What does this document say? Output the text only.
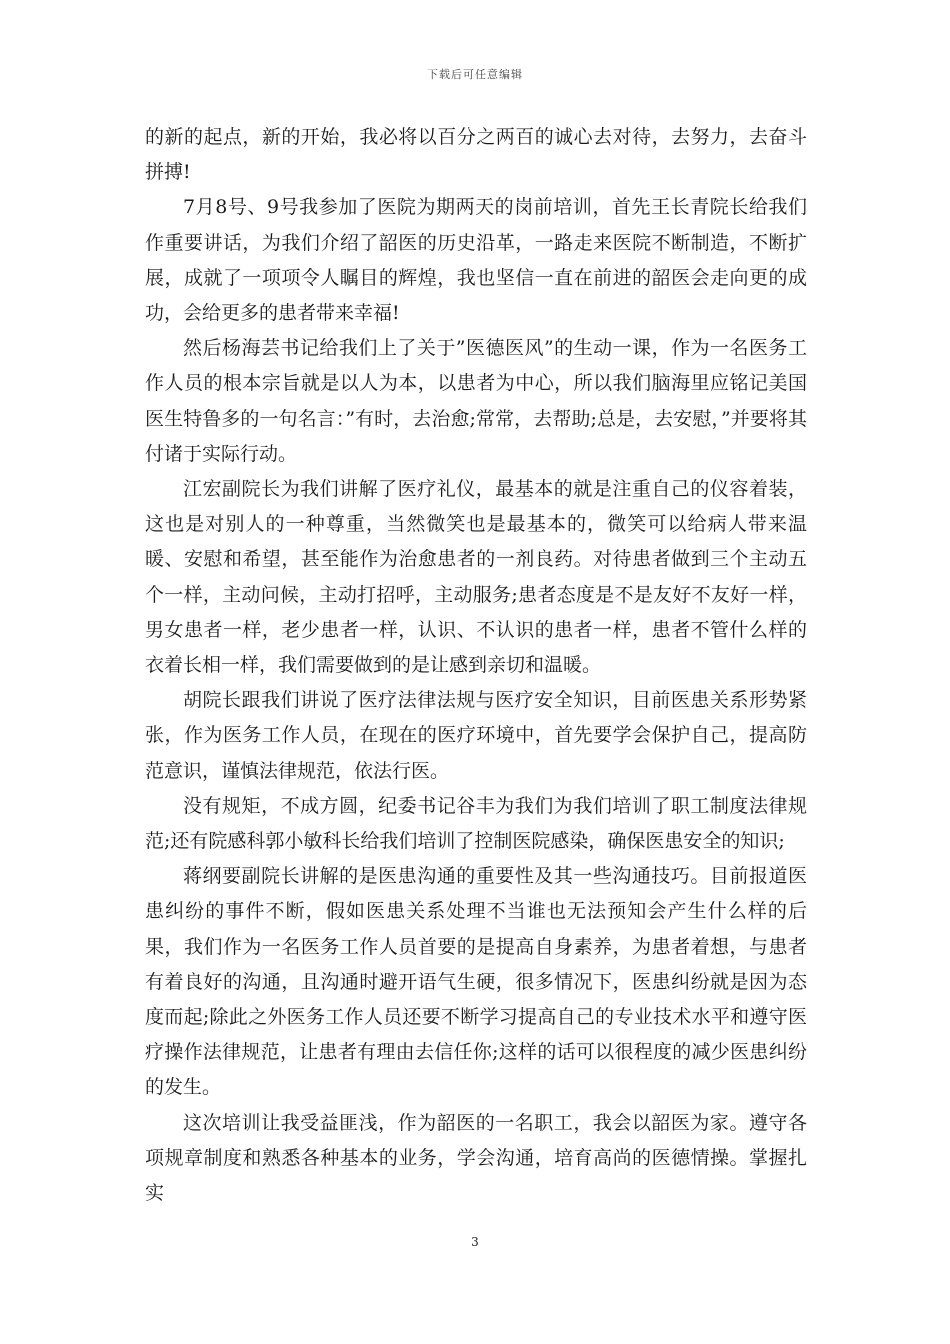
下载后可任意编辑

的新的起点，新的开始，我必将以百分之两百的诚心去对待，去努力，去奋斗拼搏!

7月8号、9号我参加了医院为期两天的岗前培训，首先王长青院长给我们作重要讲话，为我们介绍了韶医的历史沿革，一路走来医院不断制造，不断扩展，成就了一项项令人瞩目的辉煌，我也坚信一直在前进的韶医会走向更的成功，会给更多的患者带来幸福!

然后杨海芸书记给我们上了关于”医德医风”的生动一课，作为一名医务工作人员的根本宗旨就是以人为本，以患者为中心，所以我们脑海里应铭记美国医生特鲁多的一句名言：”有时，去治愈;常常，去帮助;总是，去安慰，”并要将其付诸于实际行动。

江宏副院长为我们讲解了医疗礼仪，最基本的就是注重自己的仪容着装，这也是对别人的一种尊重，当然微笑也是最基本的，微笑可以给病人带来温暖、安慰和希望，甚至能作为治愈患者的一剂良药。对待患者做到三个主动五个一样，主动问候，主动打招呼，主动服务;患者态度是不是友好不友好一样，男女患者一样，老少患者一样，认识、不认识的患者一样，患者不管什么样的衣着长相一样，我们需要做到的是让感到亲切和温暖。

胡院长跟我们讲说了医疗法律法规与医疗安全知识，目前医患关系形势紧张，作为医务工作人员，在现在的医疗环境中，首先要学会保护自己，提高防范意识，谨慎法律规范，依法行医。

没有规矩，不成方圆，纪委书记谷丰为我们为我们培训了职工制度法律规范;还有院感科郭小敏科长给我们培训了控制医院感染，确保医患安全的知识;

蒋纲要副院长讲解的是医患沟通的重要性及其一些沟通技巧。目前报道医患纠纷的事件不断，假如医患关系处理不当谁也无法预知会产生什么样的后果，我们作为一名医务工作人员首要的是提高自身素养，为患者着想，与患者有着良好的沟通，且沟通时避开语气生硬，很多情况下，医患纠纷就是因为态度而起;除此之外医务工作人员还要不断学习提高自己的专业技术水平和遵守医疗操作法律规范，让患者有理由去信任你;这样的话可以很程度的减少医患纠纷的发生。

这次培训让我受益匪浅，作为韶医的一名职工，我会以韶医为家。遵守各项规章制度和熟悉各种基本的业务，学会沟通，培育高尚的医德情操。掌握扎实

3
